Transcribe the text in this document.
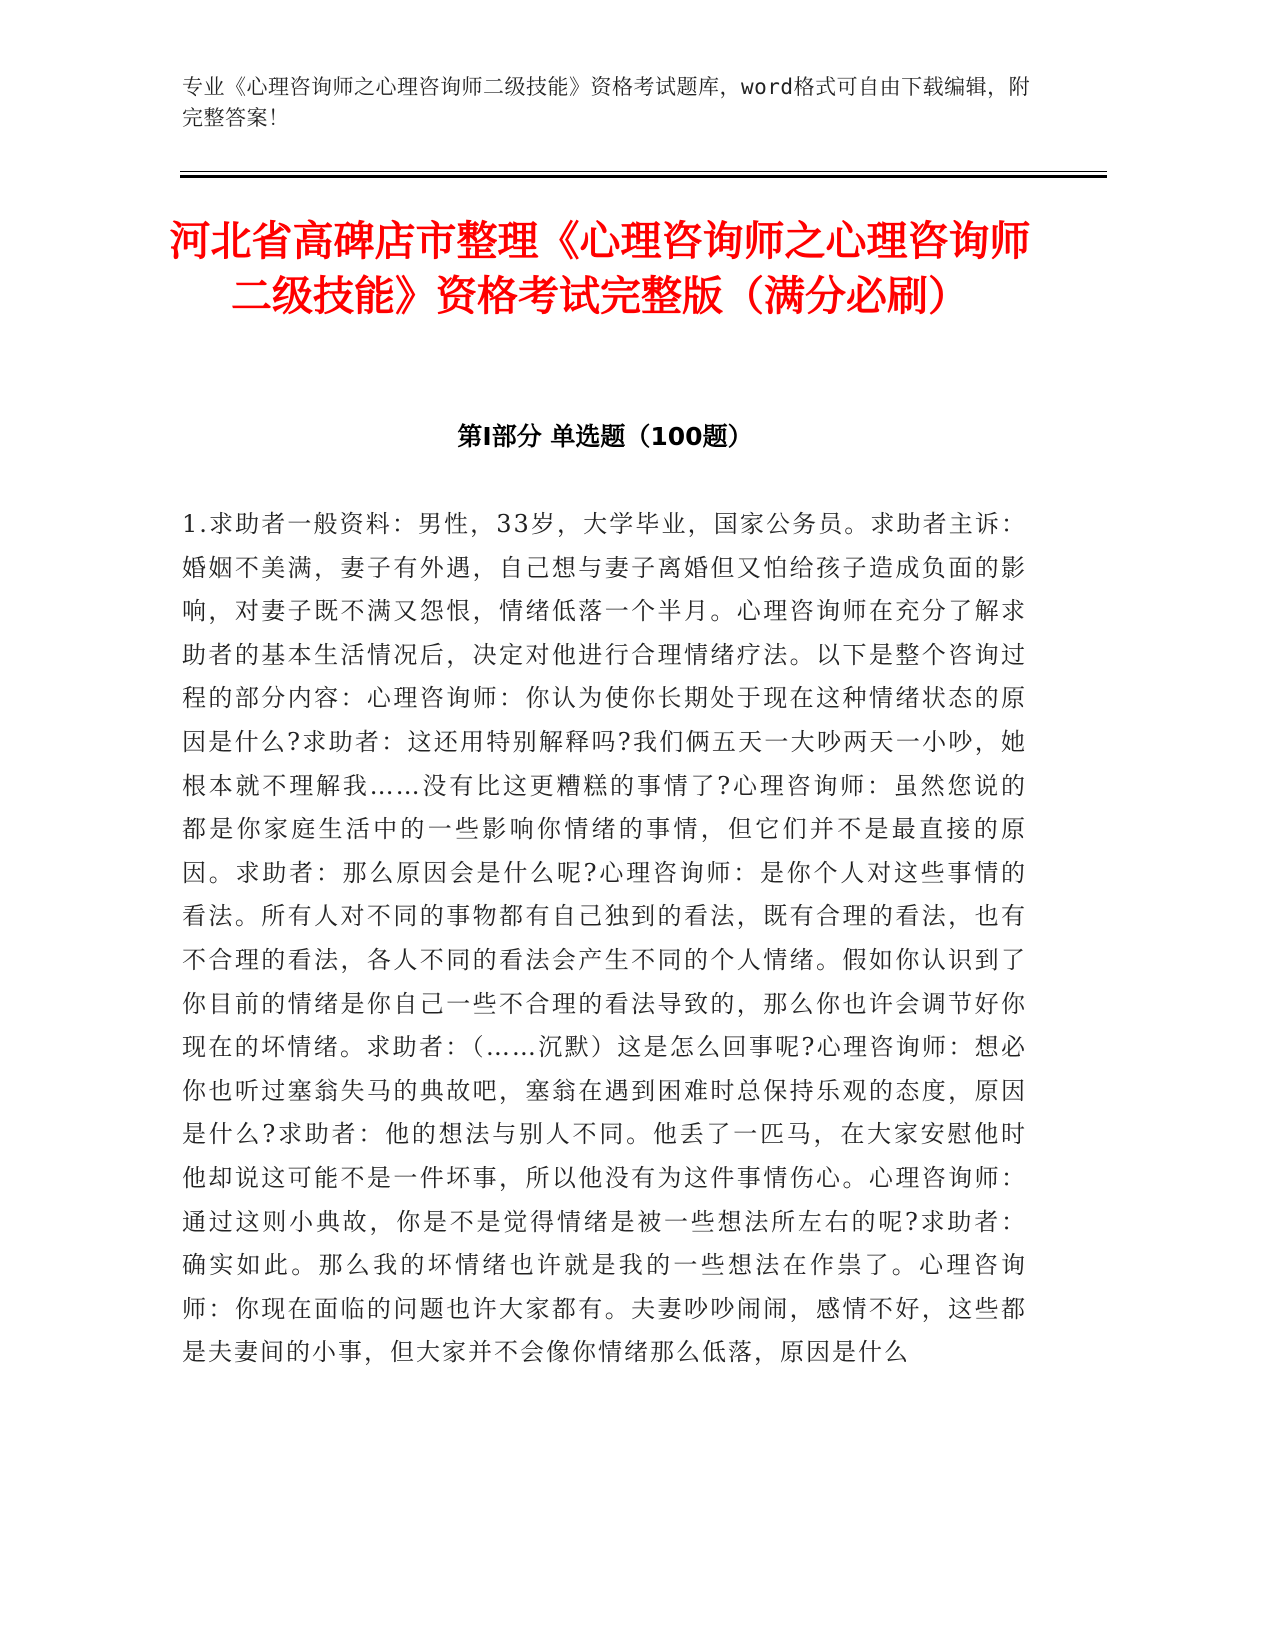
专业《心理咨询师之心理咨询师二级技能》资格考试题库，word格式可自由下载编辑，附完整答案！
河北省高碑店市整理《心理咨询师之心理咨询师二级技能》资格考试完整版（满分必刷）
第I部分 单选题（100题）

1.求助者一般资料：男性，33岁，大学毕业，国家公务员。求助者主诉：婚姻不美满，妻子有外遇，自己想与妻子离婚但又怕给孩子造成负面的影响，对妻子既不满又怨恨，情绪低落一个半月。心理咨询师在充分了解求助者的基本生活情况后，决定对他进行合理情绪疗法。以下是整个咨询过程的部分内容：心理咨询师：你认为使你长期处于现在这种情绪状态的原因是什么?求助者：这还用特别解释吗?我们俩五天一大吵两天一小吵，她根本就不理解我……没有比这更糟糕的事情了?心理咨询师：虽然您说的都是你家庭生活中的一些影响你情绪的事情，但它们并不是最直接的原因。求助者：那么原因会是什么呢?心理咨询师：是你个人对这些事情的看法。所有人对不同的事物都有自己独到的看法，既有合理的看法，也有不合理的看法，各人不同的看法会产生不同的个人情绪。假如你认识到了你目前的情绪是你自己一些不合理的看法导致的，那么你也许会调节好你现在的坏情绪。求助者：（……沉默）这是怎么回事呢?心理咨询师：想必你也听过塞翁失马的典故吧，塞翁在遇到困难时总保持乐观的态度，原因是什么?求助者：他的想法与别人不同。他丢了一匹马，在大家安慰他时他却说这可能不是一件坏事，所以他没有为这件事情伤心。心理咨询师：通过这则小典故，你是不是觉得情绪是被一些想法所左右的呢?求助者：确实如此。那么我的坏情绪也许就是我的一些想法在作祟了。心理咨询师：你现在面临的问题也许大家都有。夫妻吵吵闹闹，感情不好，这些都是夫妻间的小事，但大家并不会像你情绪那么低落，原因是什么
